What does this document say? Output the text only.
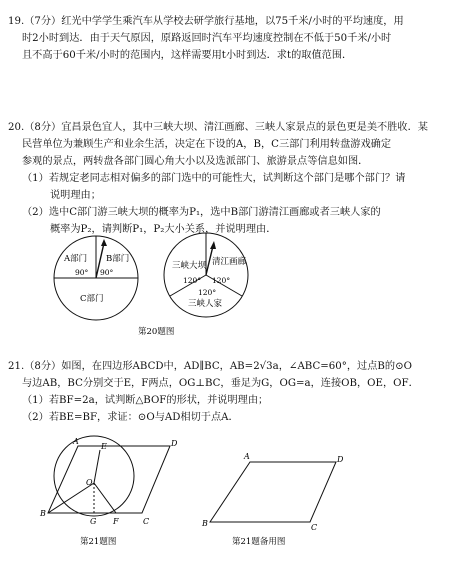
19.（7分）红光中学学生乘汽车从学校去研学旅行基地，以75千米/小时的平均速度，用
时2小时到达．由于天气原因，原路返回时汽车平均速度控制在不低于50千米/小时
且不高于60千米/小时的范围内，这样需要用t小时到达．求t的取值范围．
20.（8分）宜昌景色宜人，其中三峡大坝、清江画廊、三峡人家景点的景色更是美不胜收．某
民营单位为兼顾生产和业余生活，决定在下设的A，B，C三部门利用转盘游戏确定
参观的景点，两转盘各部门圆心角大小以及选派部门、旅游景点等信息如图．
（1）若规定老同志相对偏多的部门选中的可能性大，试判断这个部门是哪个部门？请
说明理由；
（2）选中C部门游三峡大坝的概率为P₁，选中B部门游清江画廊或者三峡人家的
概率为P₂，请判断P₁，P₂大小关系，并说明理由．
A部门 B部门
C部门
90° 90°
三峡大坝 清江画廊
三峡人家
120° 120°
120°
第20题图
A	D
E
O
B
G F	C
第21题图
A	D
B	C
第21题备用图
21.（8分）如图，在四边形ABCD中，AD∥BC，AB=2√3a，∠ABC=60°，过点B的⊙O
与边AB，BC分别交于E，F两点，OG⊥BC，垂足为G，OG=a，连接OB，OE，OF．
（1）若BF=2a，试判断△BOF的形状，并说明理由；
（2）若BE=BF，求证：⊙O与AD相切于点A．
